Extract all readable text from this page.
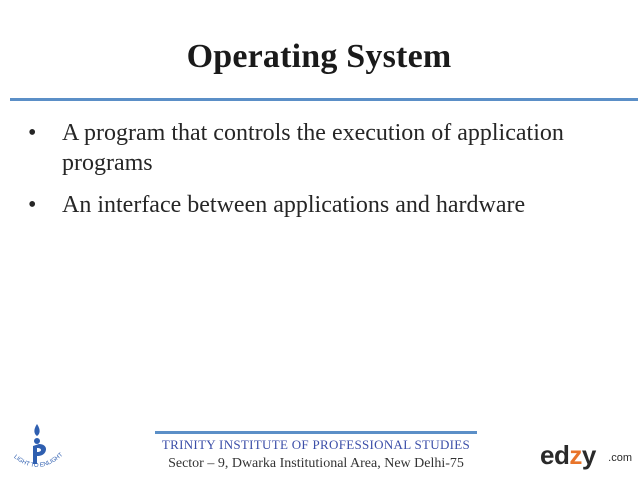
Operating System
• A program that controls the execution of application programs
• An interface between applications and hardware
LIGHT TO ENLIGHT
TRINITY INSTITUTE OF PROFESSIONAL STUDIES
Sector – 9, Dwarka Institutional Area, New Delhi-75	edzy .com
